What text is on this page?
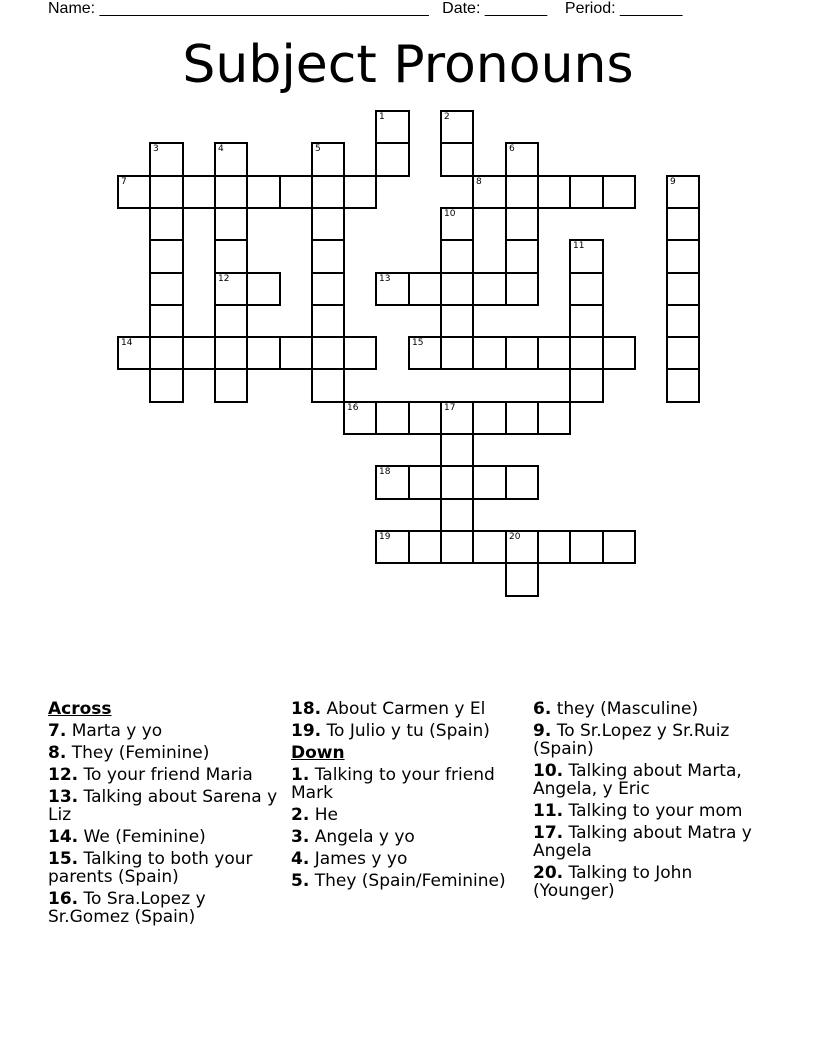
Name: _____________________________________   Date: _______    Period: _______
Subject Pronouns
1	2
3	4	5	6
7	8	9
10
11
12	13
14	15
16	17
18
19	20
Across
7. Marta y yo
8. They (Feminine)
12. To your friend Maria
13. Talking about Sarena y Liz
14. We (Feminine)
15. Talking to both your parents (Spain)
16. To Sra.Lopez y Sr.Gomez (Spain)
18. About Carmen y El
19. To Julio y tu (Spain)
Down
1. Talking to your friend Mark
2. He
3. Angela y yo
4. James y yo
5. They (Spain/Feminine)
6. they (Masculine)
9. To Sr.Lopez y Sr.Ruiz (Spain)
10. Talking about Marta, Angela, y Eric
11. Talking to your mom
17. Talking about Matra y Angela
20. Talking to John (Younger)
